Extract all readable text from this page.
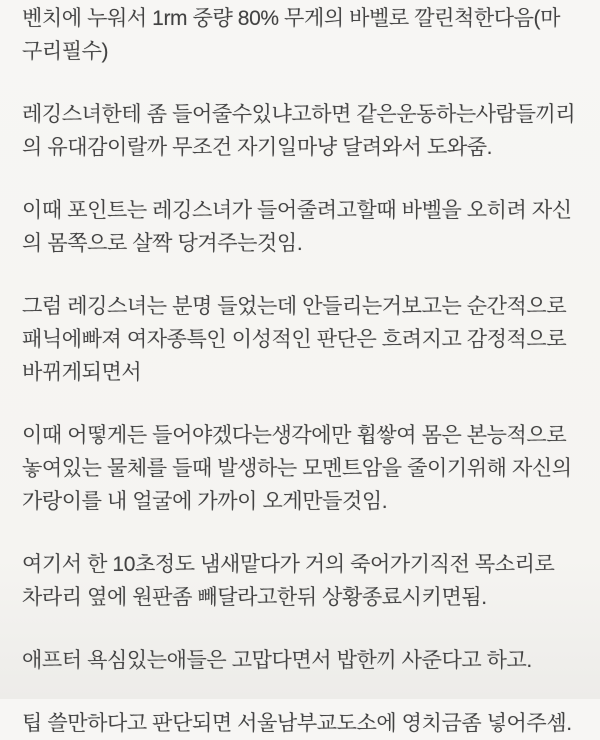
벤치에 누워서 1rm 중량 80% 무게의 바벨로 깔린척한다음(마구리필수)

레깅스녀한테 좀 들어줄수있냐고하면 같은운동하는사람들끼리의 유대감이랄까 무조건 자기일마냥 달려와서 도와줌.

이때 포인트는 레깅스녀가 들어줄려고할때 바벨을 오히려 자신의 몸쪽으로 살짝 당겨주는것임.

그럼 레깅스녀는 분명 들었는데 안들리는거보고는 순간적으로 패닉에빠져 여자종특인 이성적인 판단은 흐려지고 감정적으로 바뀌게되면서

이때 어떻게든 들어야겠다는생각에만 휩쌓여 몸은 본능적으로 놓여있는 물체를 들때 발생하는 모멘트암을 줄이기위해 자신의 가랑이를 내 얼굴에 가까이 오게만들것임.

여기서 한 10초정도 냄새맡다가 거의 죽어가기직전 목소리로 차라리 옆에 원판좀 빼달라고한뒤 상황종료시키면됨.

애프터 욕심있는애들은 고맙다면서 밥한끼 사준다고 하고.

팁 쓸만하다고 판단되면 서울남부교도소에 영치금좀 넣어주셈.
